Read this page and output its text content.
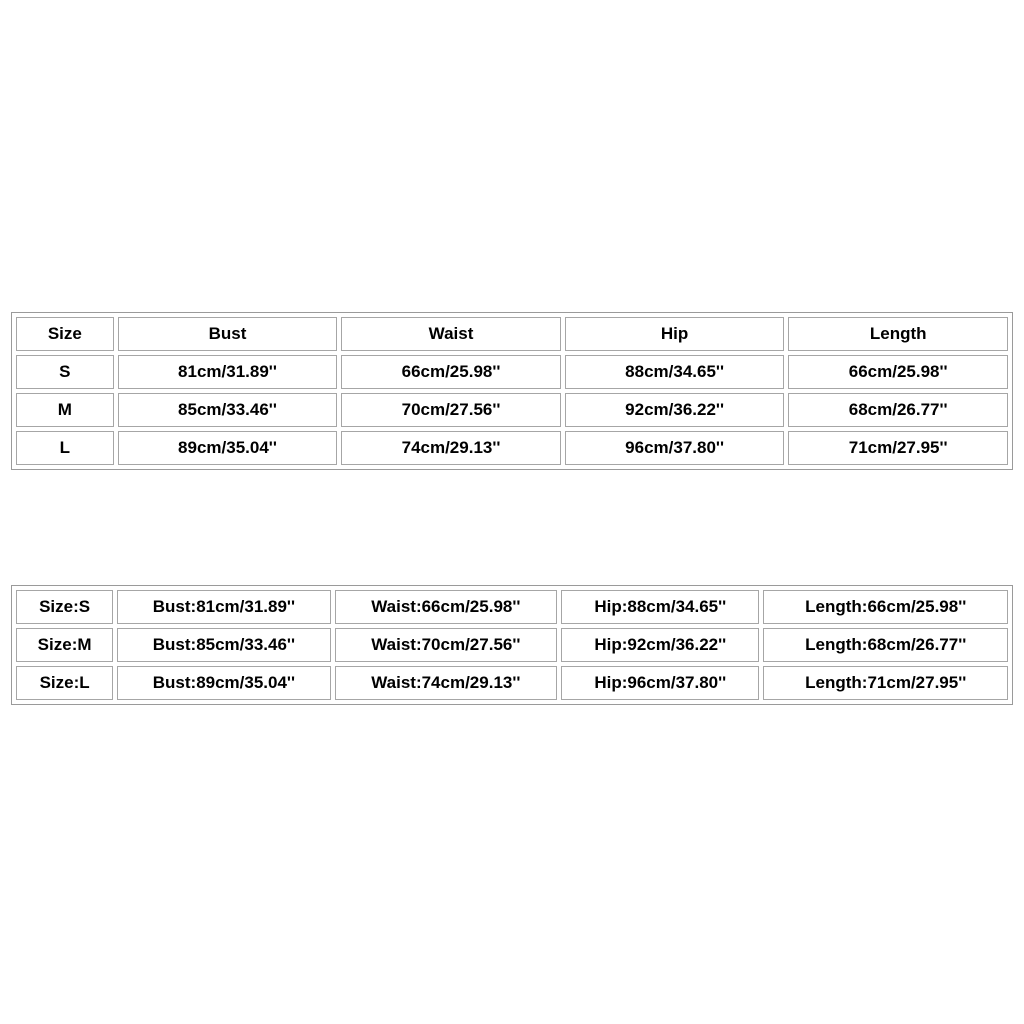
Size	Bust	Waist	Hip	Length
S	81cm/31.89''	66cm/25.98''	88cm/34.65''	66cm/25.98''
M	85cm/33.46''	70cm/27.56''	92cm/36.22''	68cm/26.77''
L	89cm/35.04''	74cm/29.13''	96cm/37.80''	71cm/27.95''
Size:S	Bust:81cm/31.89''	Waist:66cm/25.98''	Hip:88cm/34.65''	Length:66cm/25.98''
Size:M	Bust:85cm/33.46''	Waist:70cm/27.56''	Hip:92cm/36.22''	Length:68cm/26.77''
Size:L	Bust:89cm/35.04''	Waist:74cm/29.13''	Hip:96cm/37.80''	Length:71cm/27.95''
